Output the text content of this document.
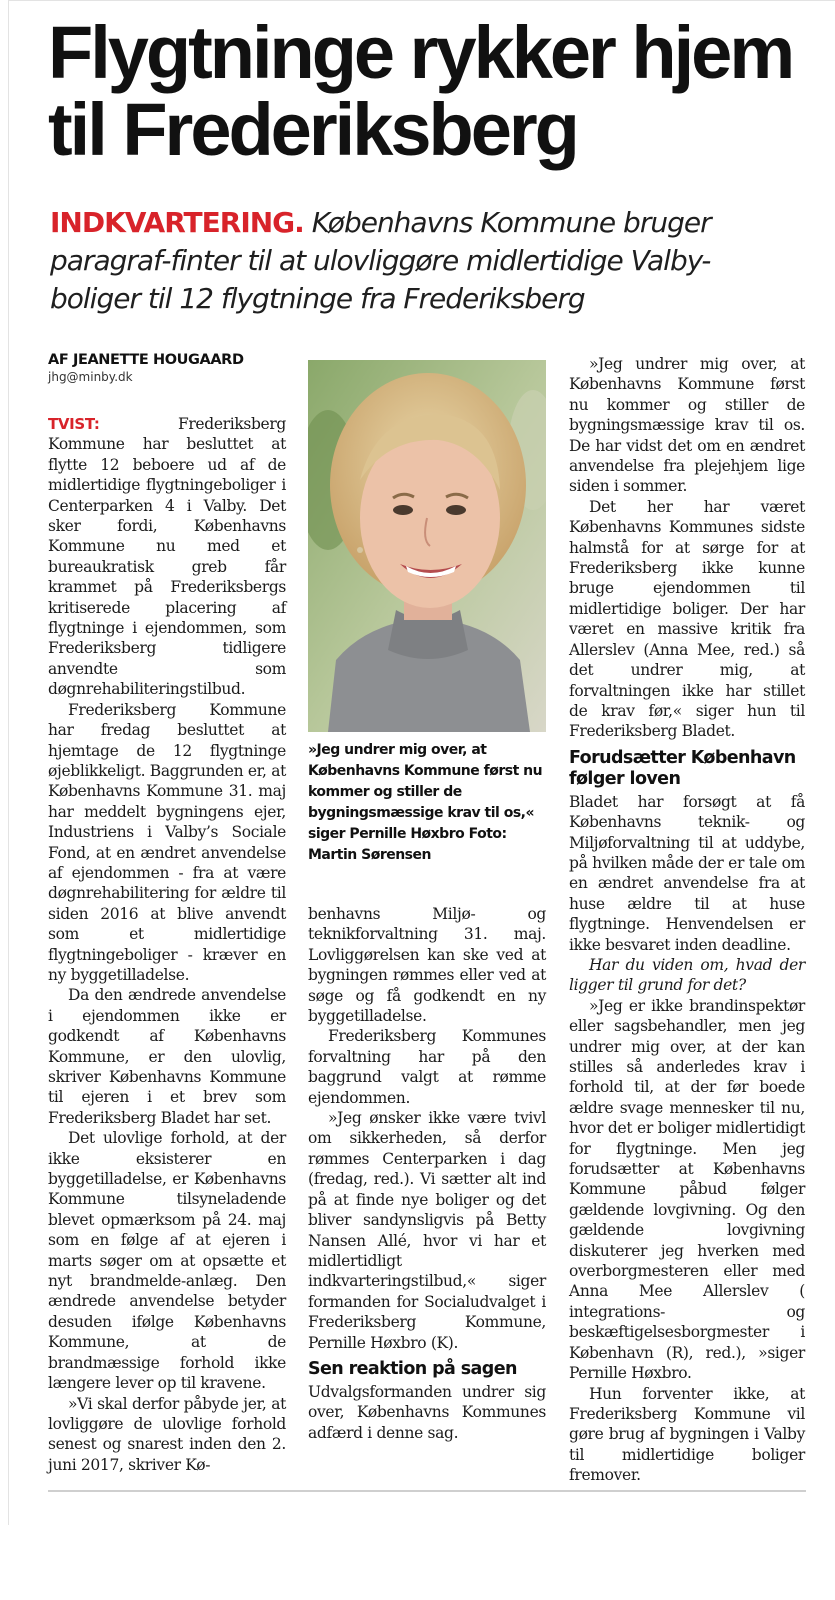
Flygtninge rykker hjem til Frederiksberg

INDKVARTERING. Københavns Kommune bruger paragraf-finter til at ulovliggøre midlertidige Valby-boliger til 12 flygtninge fra Frederiksberg

AF JEANETTE HOUGAARD
jhg@minby.dk

TVIST:	Frederiksberg Kommune har besluttet at flytte 12 beboere ud af de midlertidige flygtningeboliger i Centerparken 4 i Valby. Det sker fordi, Københavns Kommune nu med et bureaukratisk greb får krammet på Frederiksbergs kritiserede placering af flygtninge i ejendommen, som Frederiksberg tidligere anvendte som døgnrehabiliteringstilbud.

Frederiksberg Kommune har fredag besluttet at hjemtage de 12 flygtninge øjeblikkeligt. Baggrunden er, at Københavns Kommune 31. maj har meddelt bygningens ejer, Industriens i Valby’s Sociale Fond, at en ændret anvendelse af ejendommen - fra at være døgnrehabilitering for ældre til siden 2016 at blive anvendt som et midlertidige flygtningeboliger - kræver en ny byggetilladelse.

Da den ændrede anvendelse i ejendommen ikke er godkendt af Københavns Kommune, er den ulovlig, skriver Københavns Kommune til ejeren i et brev som Frederiksberg Bladet har set.

Det ulovlige forhold, at der ikke eksisterer en byggetilladelse, er Københavns Kommune tilsyneladende blevet opmærksom på 24. maj som en følge af at ejeren i marts søger om at opsætte et nyt brandmelde-anlæg. Den ændrede anvendelse betyder desuden ifølge Københavns Kommune, at de brandmæssige forhold ikke længere lever op til kravene.

»Vi skal derfor påbyde jer, at lovliggøre de ulovlige forhold senest og snarest inden den 2. juni 2017, skriver Kø-

»Jeg undrer mig over, at Københavns Kommune først nu kommer og stiller de bygningsmæssige krav til os,« siger Pernille Høxbro Foto: Martin Sørensen

benhavns Miljø- og teknikforvaltning 31. maj. Lovliggørelsen kan ske ved at bygningen rømmes eller ved at søge og få godkendt en ny byggetilladelse.

Frederiksberg Kommunes forvaltning har på den baggrund valgt at rømme ejendommen.

»Jeg ønsker ikke være tvivl om sikkerheden, så derfor rømmes Centerparken i dag (fredag, red.). Vi sætter alt ind på at finde nye boliger og det bliver sandynsligvis på Betty Nansen Allé, hvor vi har et midlertidligt indkvarteringstilbud,« siger formanden for Socialudvalget i Frederiksberg Kommune, Pernille Høxbro (K).

Sen reaktion på sagen

Udvalgsformanden undrer sig over, Københavns Kommunes adfærd i denne sag.

»Jeg undrer mig over, at Københavns Kommune først nu kommer og stiller de bygningsmæssige krav til os. De har vidst det om en ændret anvendelse fra plejehjem lige siden i sommer.

Det her har været Københavns Kommunes sidste halmstå for at sørge for at Frederiksberg ikke kunne bruge ejendommen til midlertidige boliger. Der har været en massive kritik fra Allerslev (Anna Mee, red.) så det undrer mig, at forvaltningen ikke har stillet de krav før,« siger hun til Frederiksberg Bladet.

Forudsætter København følger loven

Bladet har forsøgt at få Københavns teknik- og Miljøforvaltning til at uddybe, på hvilken måde der er tale om en ændret anvendelse fra at huse ældre til at huse flygtninge. Henvendelsen er ikke besvaret inden deadline.

Har du viden om, hvad der ligger til grund for det?

»Jeg er ikke brandinspektør eller sagsbehandler, men jeg undrer mig over, at der kan stilles så anderledes krav i forhold til, at der før boede ældre svage mennesker til nu, hvor det er boliger midlertidigt for flygtninge. Men jeg forudsætter at Københavns Kommune påbud følger gældende lovgivning. Og den gældende lovgivning diskuterer jeg hverken med overborgmesteren eller med Anna Mee Allerslev ( integrations- og beskæftigelsesborgmester i København (R), red.), »siger Pernille Høxbro.

Hun forventer ikke, at Frederiksberg Kommune vil gøre brug af bygningen i Valby til midlertidige boliger fremover.
